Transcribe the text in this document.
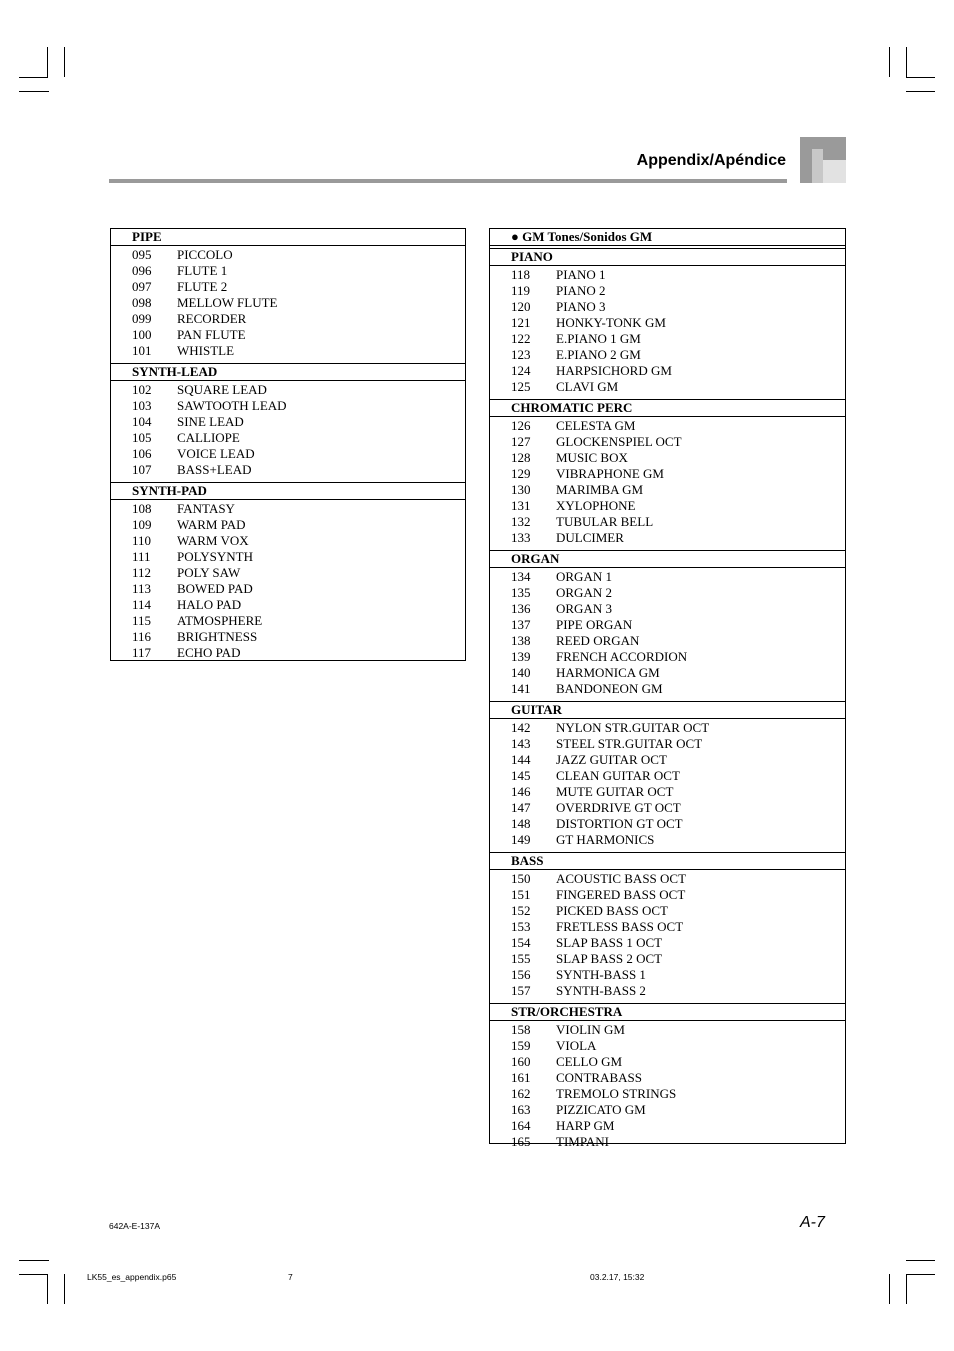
Appendix/Apéndice
PIPE
095	PICCOLO
096	FLUTE 1
097	FLUTE 2
098	MELLOW FLUTE
099	RECORDER
100	PAN FLUTE
101	WHISTLE
SYNTH-LEAD
102	SQUARE LEAD
103	SAWTOOTH LEAD
104	SINE LEAD
105	CALLIOPE
106	VOICE LEAD
107	BASS+LEAD
SYNTH-PAD
108	FANTASY
109	WARM PAD
110	WARM VOX
111	POLYSYNTH
112	POLY SAW
113	BOWED PAD
114	HALO PAD
115	ATMOSPHERE
116	BRIGHTNESS
117	ECHO PAD
● GM Tones/Sonidos GM
PIANO
118	PIANO 1
119	PIANO 2
120	PIANO 3
121	HONKY-TONK GM
122	E.PIANO 1 GM
123	E.PIANO 2 GM
124	HARPSICHORD GM
125	CLAVI GM
CHROMATIC PERC
126	CELESTA GM
127	GLOCKENSPIEL OCT
128	MUSIC BOX
129	VIBRAPHONE GM
130	MARIMBA GM
131	XYLOPHONE
132	TUBULAR BELL
133	DULCIMER
ORGAN
134	ORGAN 1
135	ORGAN 2
136	ORGAN 3
137	PIPE ORGAN
138	REED ORGAN
139	FRENCH ACCORDION
140	HARMONICA GM
141	BANDONEON GM
GUITAR
142	NYLON STR.GUITAR OCT
143	STEEL STR.GUITAR OCT
144	JAZZ GUITAR OCT
145	CLEAN GUITAR OCT
146	MUTE GUITAR OCT
147	OVERDRIVE GT OCT
148	DISTORTION GT OCT
149	GT HARMONICS
BASS
150	ACOUSTIC BASS OCT
151	FINGERED BASS OCT
152	PICKED BASS OCT
153	FRETLESS BASS OCT
154	SLAP BASS 1 OCT
155	SLAP BASS 2 OCT
156	SYNTH-BASS 1
157	SYNTH-BASS 2
STR/ORCHESTRA
158	VIOLIN GM
159	VIOLA
160	CELLO GM
161	CONTRABASS
162	TREMOLO STRINGS
163	PIZZICATO GM
164	HARP GM
165	TIMPANI
642A-E-137A	A-7
LK55_es_appendix.p65	7	03.2.17, 15:32
